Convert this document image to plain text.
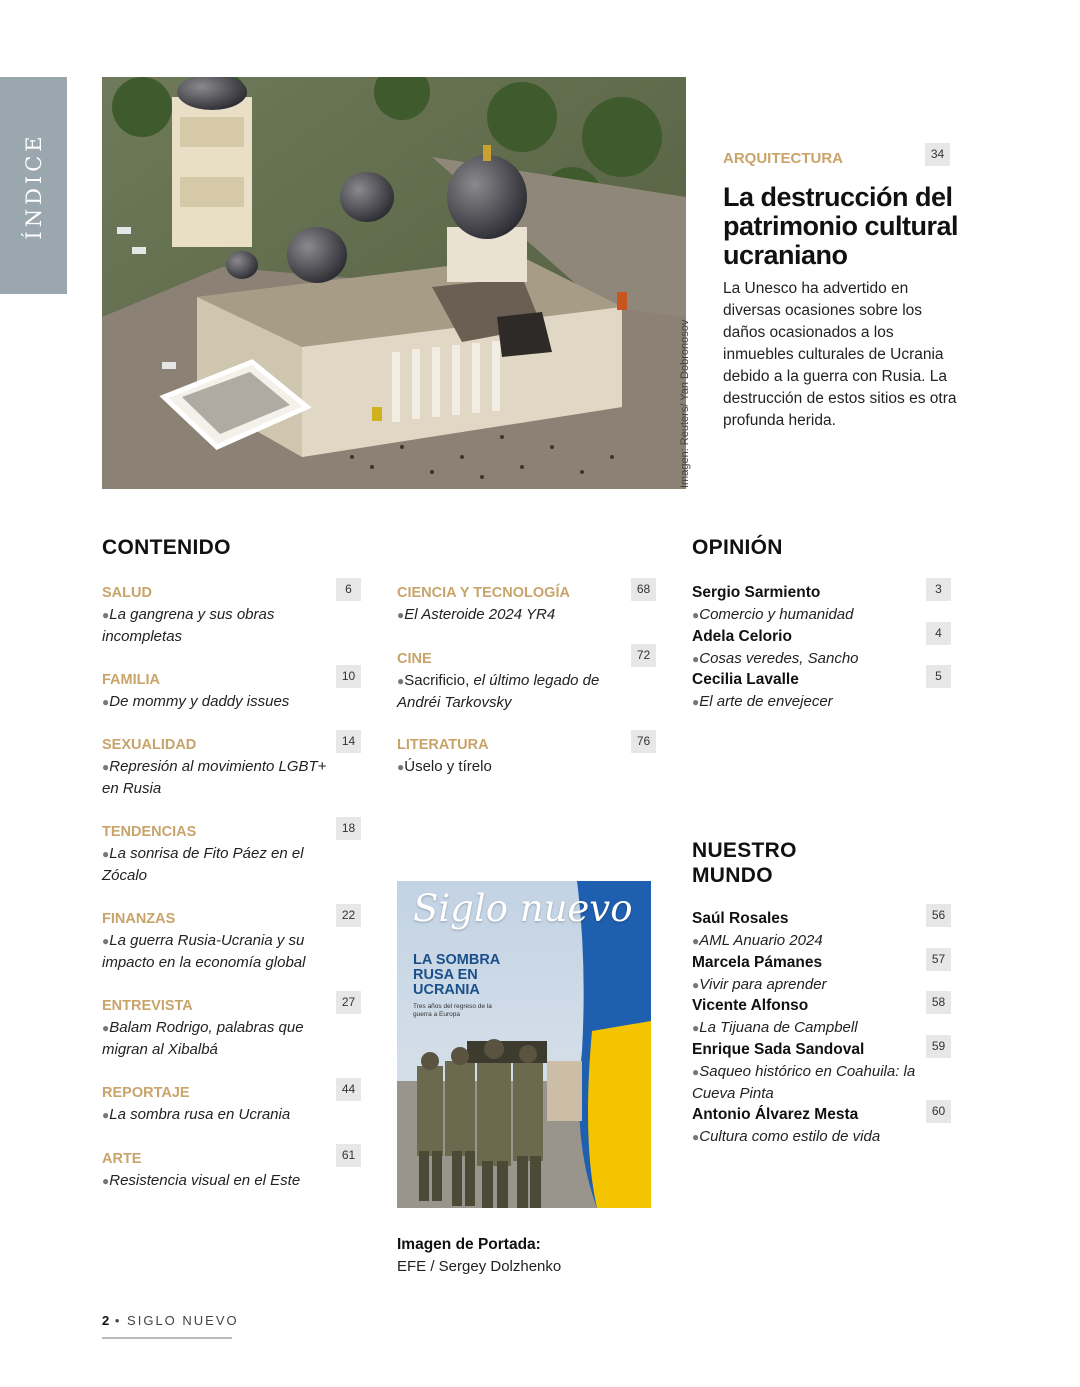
ÍNDICE
Imagen: Reuters/ Yan Dobronosov
ARQUITECTURA	34
La destrucción del patrimonio cultural ucraniano
La Unesco ha advertido en diversas ocasiones sobre los daños ocasionados a los inmuebles culturales de Ucrania debido a la guerra con Rusia. La destrucción de estos sitios es otra profunda herida.
CONTENIDO
SALUD
●La gangrena y sus obras incompletas
6
FAMILIA
●De mommy y daddy issues
10
SEXUALIDAD
●Represión al movimiento LGBT+ en Rusia
14
TENDENCIAS
●La sonrisa de Fito Páez en el Zócalo
18
FINANZAS
●La guerra Rusia-Ucrania y su impacto en la economía global
22
ENTREVISTA
●Balam Rodrigo, palabras que migran al Xibalbá
27
REPORTAJE
●La sombra rusa en Ucrania
44
ARTE
●Resistencia visual en el Este
61
CIENCIA Y TECNOLOGÍA
●El Asteroide 2024 YR4
68
CINE
●Sacrificio, el último legado de Andréi Tarkovsky
72
LITERATURA
●Úselo y tírelo
76
OPINIÓN
Sergio Sarmiento
●Comercio y humanidad
3
Adela Celorio
●Cosas veredes, Sancho
4
Cecilia Lavalle
●El arte de envejecer
5
NUESTRO
MUNDO
Saúl Rosales
●AML Anuario 2024
56
Marcela Pámanes
●Vivir para aprender
57
Vicente Alfonso
●La Tijuana de Campbell
58
Enrique Sada Sandoval
●Saqueo histórico en Coahuila: la Cueva Pinta
59
Antonio Álvarez Mesta
●Cultura como estilo de vida
60
Siglo nuevo
LA SOMBRA RUSA EN UCRANIA
Tres años del regreso de la guerra a Europa
Imagen de Portada:
EFE / Sergey Dolzhenko
2 • SIGLO NUEVO
